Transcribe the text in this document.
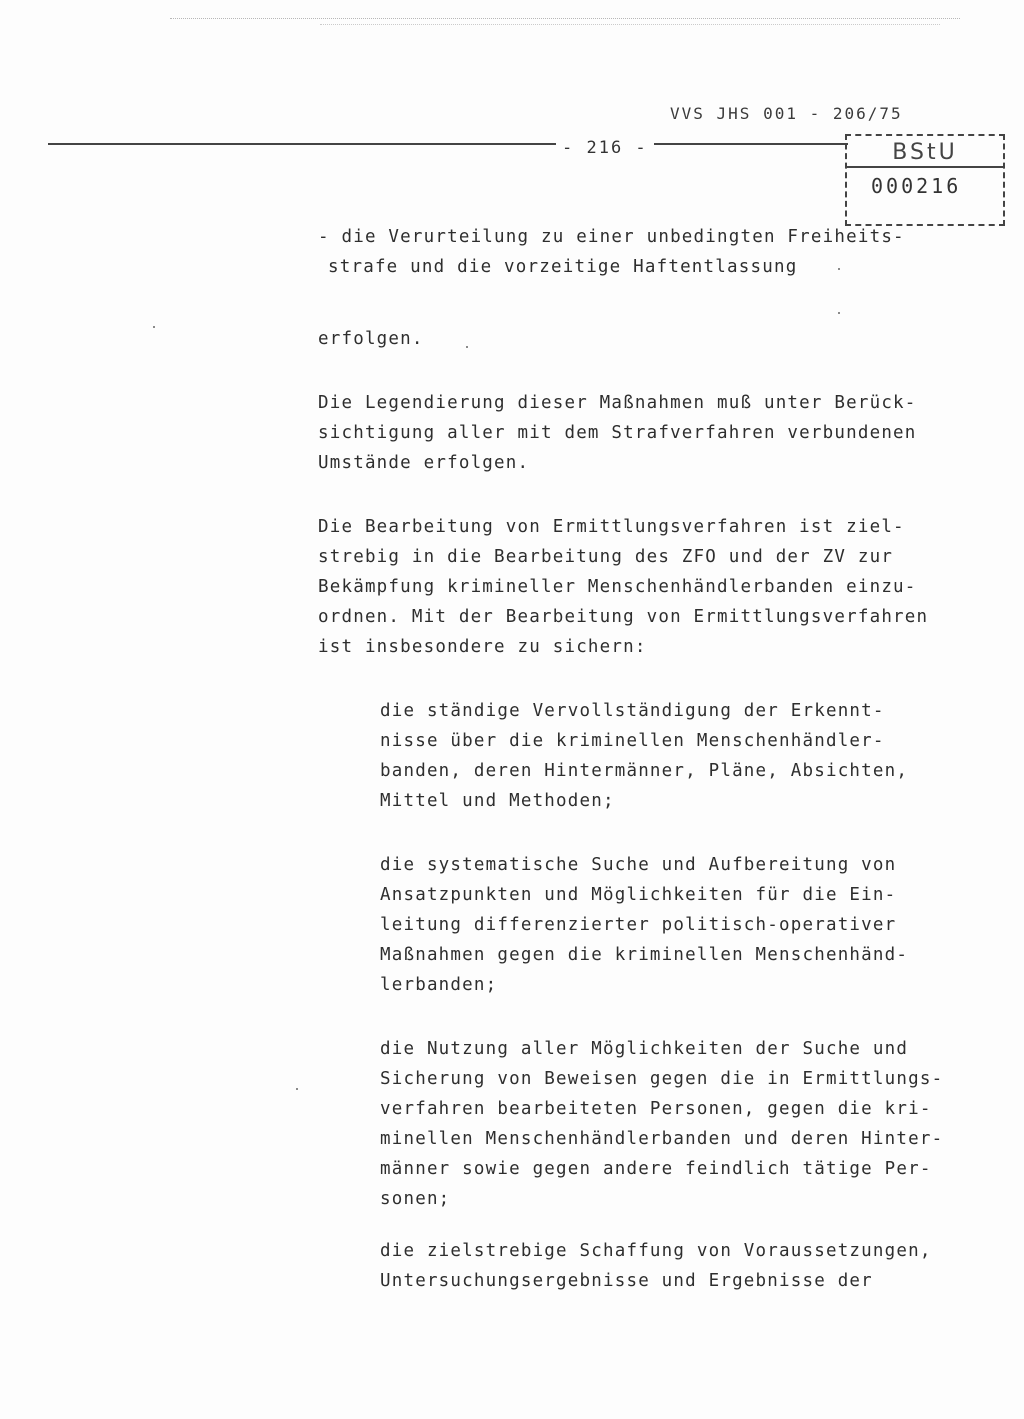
VVS JHS 001 - 206/75
- 216 -	BStU
000216
- die Verurteilung zu einer unbedingten Freiheits-
strafe und die vorzeitige Haftentlassung
erfolgen.
Die Legendierung dieser Maßnahmen muß unter Berück-
sichtigung aller mit dem Strafverfahren verbundenen
Umstände erfolgen.
Die Bearbeitung von Ermittlungsverfahren ist ziel-
strebig in die Bearbeitung des ZFO und der ZV zur
Bekämpfung krimineller Menschenhändlerbanden einzu-
ordnen. Mit der Bearbeitung von Ermittlungsverfahren
ist insbesondere zu sichern:
die ständige Vervollständigung der Erkennt-
nisse über die kriminellen Menschenhändler-
banden, deren Hintermänner, Pläne, Absichten,
Mittel und Methoden;
die systematische Suche und Aufbereitung von
Ansatzpunkten und Möglichkeiten für die Ein-
leitung differenzierter politisch-operativer
Maßnahmen gegen die kriminellen Menschenhänd-
lerbanden;
die Nutzung aller Möglichkeiten der Suche und
Sicherung von Beweisen gegen die in Ermittlungs-
verfahren bearbeiteten Personen, gegen die kri-
minellen Menschenhändlerbanden und deren Hinter-
männer sowie gegen andere feindlich tätige Per-
sonen;
die zielstrebige Schaffung von Voraussetzungen,
Untersuchungsergebnisse und Ergebnisse der
